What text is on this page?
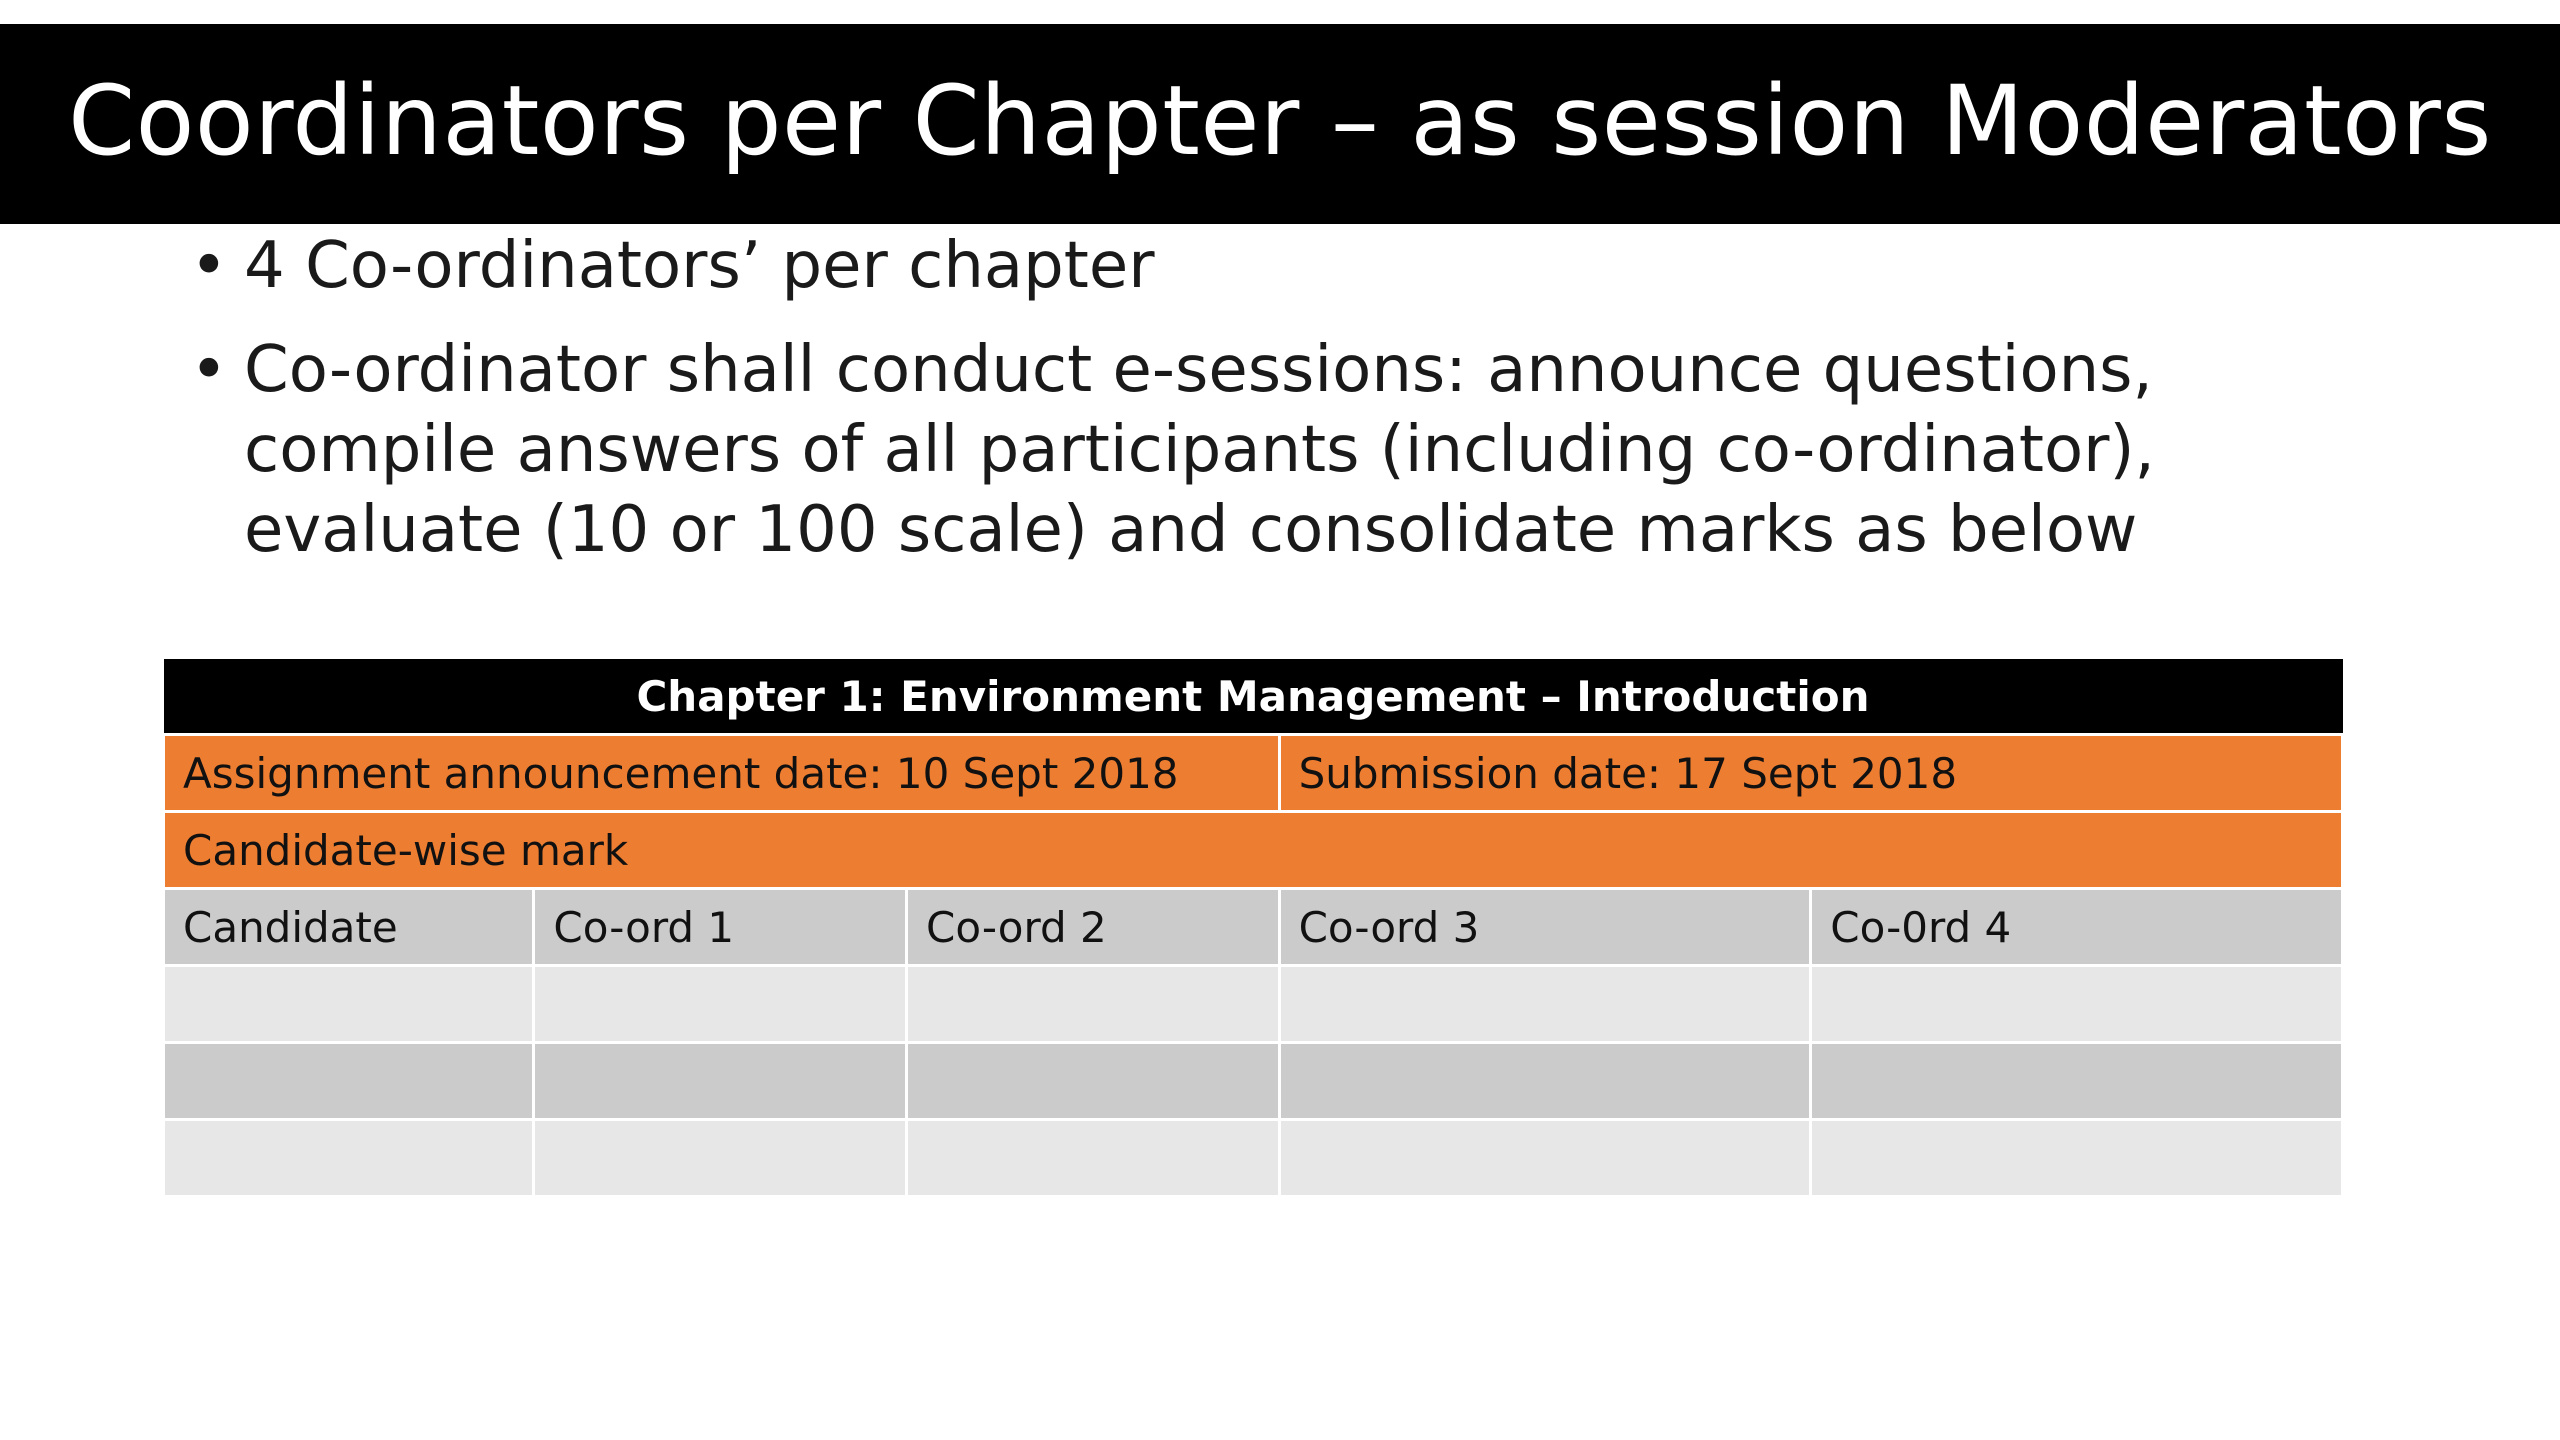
Coordinators per Chapter – as session Moderators
• 4 Co-ordinators’ per chapter
• Co-ordinator shall conduct e-sessions: announce questions, compile answers of all participants (including co-ordinator), evaluate (10 or 100 scale) and consolidate marks as below
Chapter 1: Environment Management – Introduction				
Assignment announcement date: 10 Sept 2018			Submission date: 17 Sept 2018	
Candidate-wise mark				
Candidate	Co-ord 1	Co-ord 2	Co-ord 3	Co-0rd 4
